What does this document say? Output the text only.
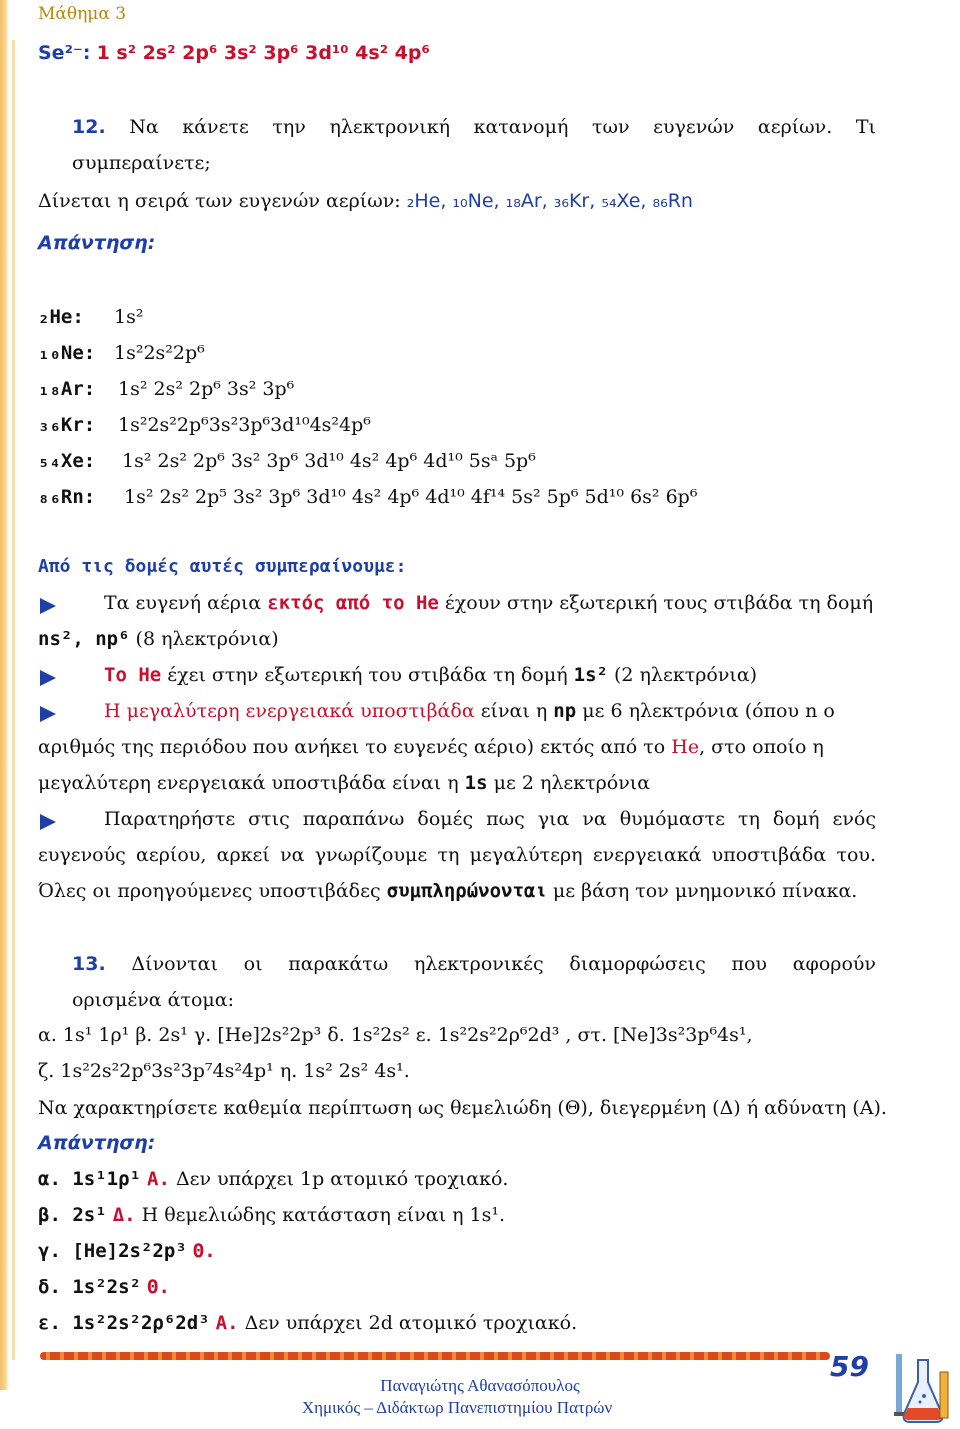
Μάθημα 3
Se²⁻: 1 s² 2s² 2p⁶ 3s² 3p⁶ 3d¹⁰ 4s² 4p⁶
12. Να κάνετε την ηλεκτρονική κατανομή των ευγενών αερίων. Τι
συμπεραίνετε;
Δίνεται η σειρά των ευγενών αερίων: ₂He, ₁₀Ne, ₁₈Ar, ₃₆Kr, ₅₄Xe, ₈₆Rn
Απάντηση:
₂He: 1s²
₁₀Ne: 1s²2s²2p⁶
₁₈Ar: 1s² 2s² 2p⁶ 3s² 3p⁶
₃₆Kr: 1s²2s²2p⁶3s²3p⁶3d¹⁰4s²4p⁶
₅₄Xe: 1s² 2s² 2p⁶ 3s² 3p⁶ 3d¹⁰ 4s² 4p⁶ 4d¹⁰ 5sᵃ 5p⁶
₈₆Rn: 1s² 2s² 2p⁵ 3s² 3p⁶ 3d¹⁰ 4s² 4p⁶ 4d¹⁰ 4f¹⁴ 5s² 5p⁶ 5d¹⁰ 6s² 6p⁶
Από τις δομές αυτές συμπεραίνουμε:
Τα ευγενή αέρια εκτός από το He έχουν στην εξωτερική τους στιβάδα τη δομή
ns², np⁶ (8 ηλεκτρόνια)
Το He έχει στην εξωτερική του στιβάδα τη δομή 1s² (2 ηλεκτρόνια)
Η μεγαλύτερη ενεργειακά υποστιβάδα είναι η np με 6 ηλεκτρόνια (όπου n ο
αριθμός της περιόδου που ανήκει το ευγενές αέριο) εκτός από το He, στο οποίο η
μεγαλύτερη ενεργειακά υποστιβάδα είναι η 1s με 2 ηλεκτρόνια
Παρατηρήστε στις παραπάνω δομές πως για να θυμόμαστε τη δομή ενός
ευγενούς αερίου, αρκεί να γνωρίζουμε τη μεγαλύτερη ενεργειακά υποστιβάδα του.
Όλες οι προηγούμενες υποστιβάδες συμπληρώνονται με βάση τον μνημονικό πίνακα.
13. Δίνονται οι παρακάτω ηλεκτρονικές διαμορφώσεις που αφορούν
ορισμένα άτομα:
α. 1s¹ 1ρ¹ β. 2s¹ γ. [He]2s²2p³ δ. 1s²2s² ε. 1s²2s²2ρ⁶2d³ , στ. [Ne]3s²3p⁶4s¹,
ζ. 1s²2s²2p⁶3s²3p⁷4s²4p¹ η. 1s² 2s² 4s¹.
Να χαρακτηρίσετε καθεμία περίπτωση ως θεμελιώδη (Θ), διεγερμένη (Δ) ή αδύνατη (Α).
Απάντηση:
α. 1s¹1ρ¹ Α. Δεν υπάρχει 1p ατομικό τροχιακό.
β. 2s¹ Δ. Η θεμελιώδης κατάσταση είναι η 1s¹.
γ. [He]2s²2p³ Θ.
δ. 1s²2s² Θ.
ε. 1s²2s²2ρ⁶2d³ Α. Δεν υπάρχει 2d ατομικό τροχιακό.
59
Παναγιώτης Αθανασόπουλος
Χημικός – Διδάκτωρ Πανεπιστημίου Πατρών
